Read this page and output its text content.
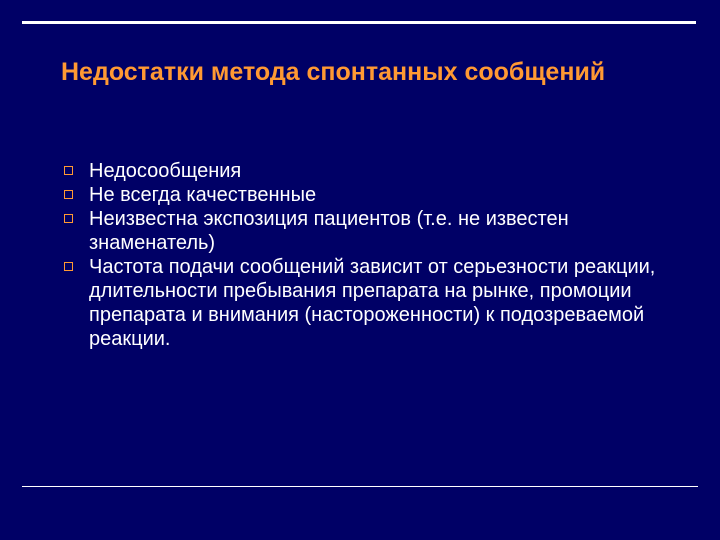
Недостатки метода спонтанных сообщений
Недосообщения
Не всегда качественные
Неизвестна экспозиция пациентов (т.е. не известен знаменатель)
Частота подачи сообщений зависит от серьезности реакции, длительности пребывания препарата на рынке, промоции препарата и внимания (настороженности) к подозреваемой реакции.
